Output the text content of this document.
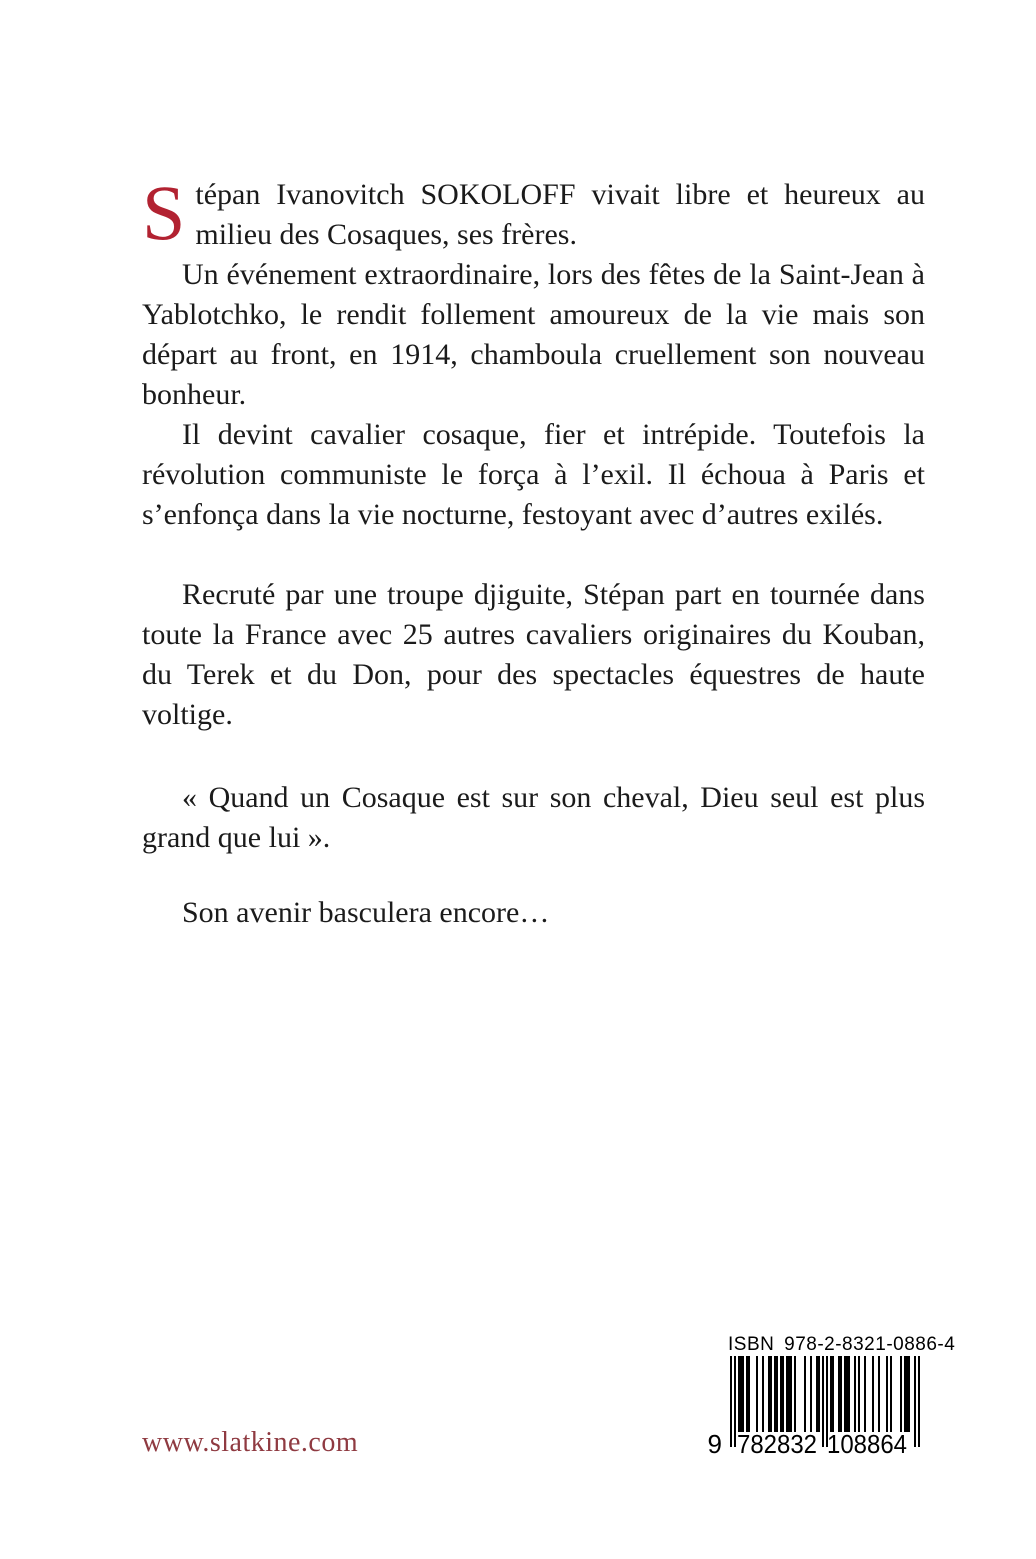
Stépan Ivanovitch SOKOLOFF vivait libre et heureux au milieu des Cosaques, ses frères.

Un événement extraordinaire, lors des fêtes de la Saint-Jean à Yablotchko, le rendit follement amoureux de la vie mais son départ au front, en 1914, chamboula cruellement son nouveau bonheur.

Il devint cavalier cosaque, fier et intrépide. Toutefois la révolution communiste le força à l’exil. Il échoua à Paris et s’enfonça dans la vie nocturne, festoyant avec d’autres exilés.

Recruté par une troupe djiguite, Stépan part en tournée dans toute la France avec 25 autres cavaliers originaires du Kouban, du Terek et du Don, pour des spectacles équestres de haute voltige.

« Quand un Cosaque est sur son cheval, Dieu seul est plus grand que lui ».

Son avenir basculera encore…

www.slatkine.com
ISBN 978-2-8321-0886-4
9 782832 108864
